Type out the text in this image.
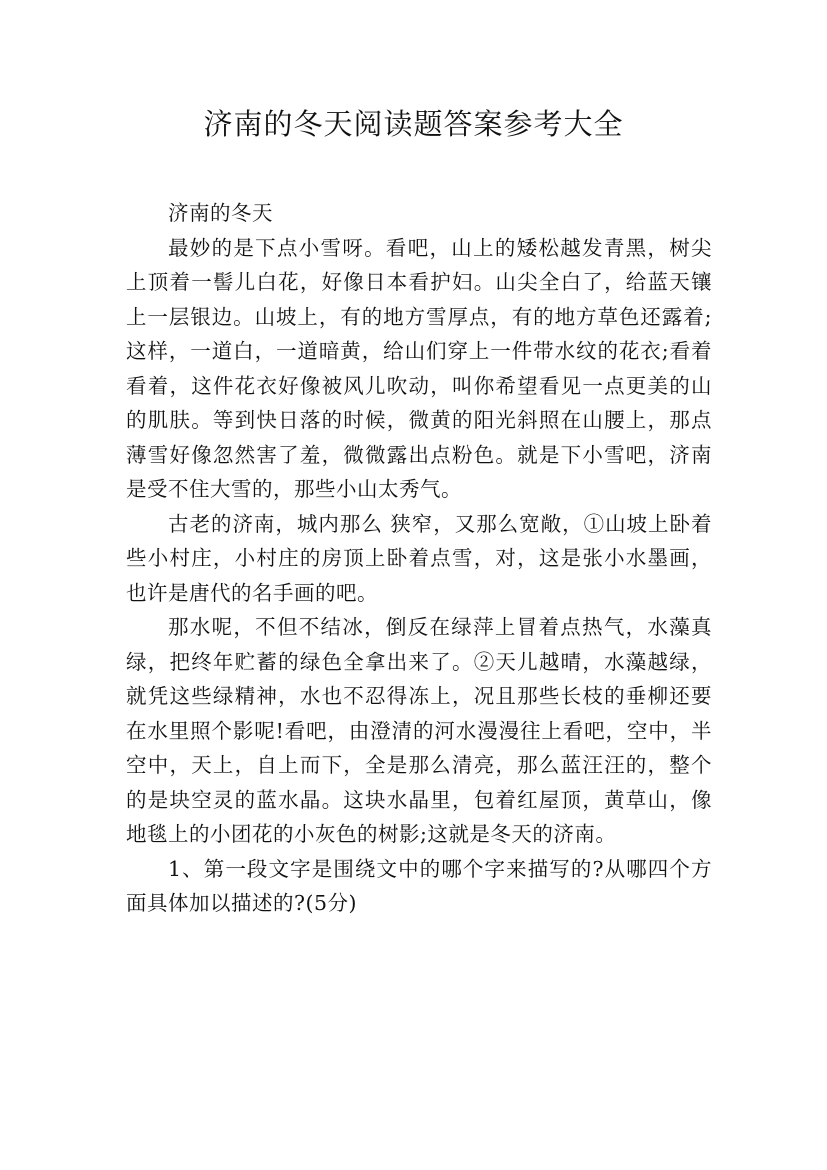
济南的冬天阅读题答案参考大全

济南的冬天

最妙的是下点小雪呀。看吧，山上的矮松越发青黑，树尖上顶着一髻儿白花，好像日本看护妇。山尖全白了，给蓝天镶上一层银边。山坡上，有的地方雪厚点，有的地方草色还露着;这样，一道白，一道暗黄，给山们穿上一件带水纹的花衣;看着看着，这件花衣好像被风儿吹动，叫你希望看见一点更美的山的肌肤。等到快日落的时候，微黄的阳光斜照在山腰上，那点薄雪好像忽然害了羞，微微露出点粉色。就是下小雪吧，济南是受不住大雪的，那些小山太秀气。

古老的济南，城内那么 狭窄，又那么宽敞，①山坡上卧着些小村庄，小村庄的房顶上卧着点雪，对，这是张小水墨画，也许是唐代的名手画的吧。

那水呢，不但不结冰，倒反在绿萍上冒着点热气，水藻真绿，把终年贮蓄的绿色全拿出来了。②天儿越晴，水藻越绿，就凭这些绿精神，水也不忍得冻上，况且那些长枝的垂柳还要在水里照个影呢!看吧，由澄清的河水漫漫往上看吧，空中，半空中，天上，自上而下，全是那么清亮，那么蓝汪汪的，整个的是块空灵的蓝水晶。这块水晶里，包着红屋顶，黄草山，像地毯上的小团花的小灰色的树影;这就是冬天的济南。

1、第一段文字是围绕文中的哪个字来描写的?从哪四个方面具体加以描述的?(5分)
